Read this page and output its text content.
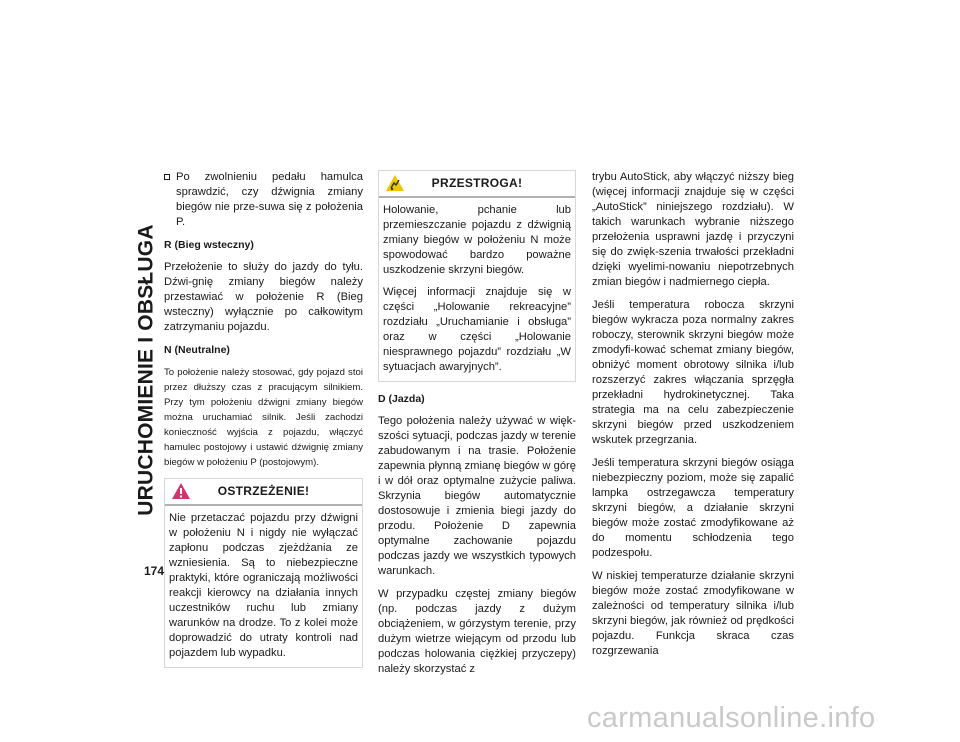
URUCHOMIENIE I OBSŁUGA
174
Po zwolnieniu pedału hamulca sprawdzić, czy dźwignia zmiany biegów nie prze-suwa się z położenia P.
R (Bieg wsteczny)

Przełożenie to służy do jazdy do tyłu. Dźwi-gnię zmiany biegów należy przestawiać w położenie R (Bieg wsteczny) wyłącznie po całkowitym zatrzymaniu pojazdu.

N (Neutralne)

To położenie należy stosować, gdy pojazd stoi przez dłuższy czas z pracującym silnikiem. Przy tym położeniu dźwigni zmiany biegów można uruchamiać silnik. Jeśli zachodzi konieczność wyjścia z pojazdu, włączyć hamulec postojowy i ustawić dźwignię zmiany biegów w położeniu P (postojowym).

OSTRZEŻENIE!

Nie przetaczać pojazdu przy dźwigni w położeniu N i nigdy nie wyłączać zapłonu podczas zjeżdżania ze wzniesienia. Są to niebezpieczne praktyki, które ograniczają możliwości reakcji kierowcy na działania innych uczestników ruchu lub zmiany warunków na drodze. To z kolei może doprowadzić do utraty kontroli nad pojazdem lub wypadku.

PRZESTROGA!

Holowanie, pchanie lub przemieszczanie pojazdu z dźwignią zmiany biegów w położeniu N może spowodować bardzo poważne uszkodzenie skrzyni biegów.

Więcej informacji znajduje się w części „Holowanie rekreacyjne” rozdziału „Uruchamianie i obsługa” oraz w części „Holowanie niesprawnego pojazdu” rozdziału „W sytuacjach awaryjnych”.

D (Jazda)

Tego położenia należy używać w więk-szości sytuacji, podczas jazdy w terenie zabudowanym i na trasie. Położenie zapewnia płynną zmianę biegów w górę i w dół oraz optymalne zużycie paliwa. Skrzynia biegów automatycznie dostosowuje i zmienia biegi jazdy do przodu. Położenie D zapewnia optymalne zachowanie pojazdu podczas jazdy we wszystkich typowych warunkach.

W przypadku częstej zmiany biegów (np. podczas jazdy z dużym obciążeniem, w górzystym terenie, przy dużym wietrze wiejącym od przodu lub podczas holowania ciężkiej przyczepy) należy skorzystać z

trybu AutoStick, aby włączyć niższy bieg (więcej informacji znajduje się w części „AutoStick” niniejszego rozdziału). W takich warunkach wybranie niższego przełożenia usprawni jazdę i przyczyni się do zwięk-szenia trwałości przekładni dzięki wyelimi-nowaniu niepotrzebnych zmian biegów i nadmiernego ciepła.

Jeśli temperatura robocza skrzyni biegów wykracza poza normalny zakres roboczy, sterownik skrzyni biegów może zmodyfi-kować schemat zmiany biegów, obniżyć moment obrotowy silnika i/lub rozszerzyć zakres włączania sprzęgła przekładni hydrokinetycznej. Taka strategia ma na celu zabezpieczenie skrzyni biegów przed uszkodzeniem wskutek przegrzania.

Jeśli temperatura skrzyni biegów osiąga niebezpieczny poziom, może się zapalić lampka ostrzegawcza temperatury skrzyni biegów, a działanie skrzyni biegów może zostać zmodyfikowane aż do momentu schłodzenia tego podzespołu.

W niskiej temperaturze działanie skrzyni biegów może zostać zmodyfikowane w zależności od temperatury silnika i/lub skrzyni biegów, jak również od prędkości pojazdu. Funkcja skraca czas rozgrzewania

carmanualsonline.info
